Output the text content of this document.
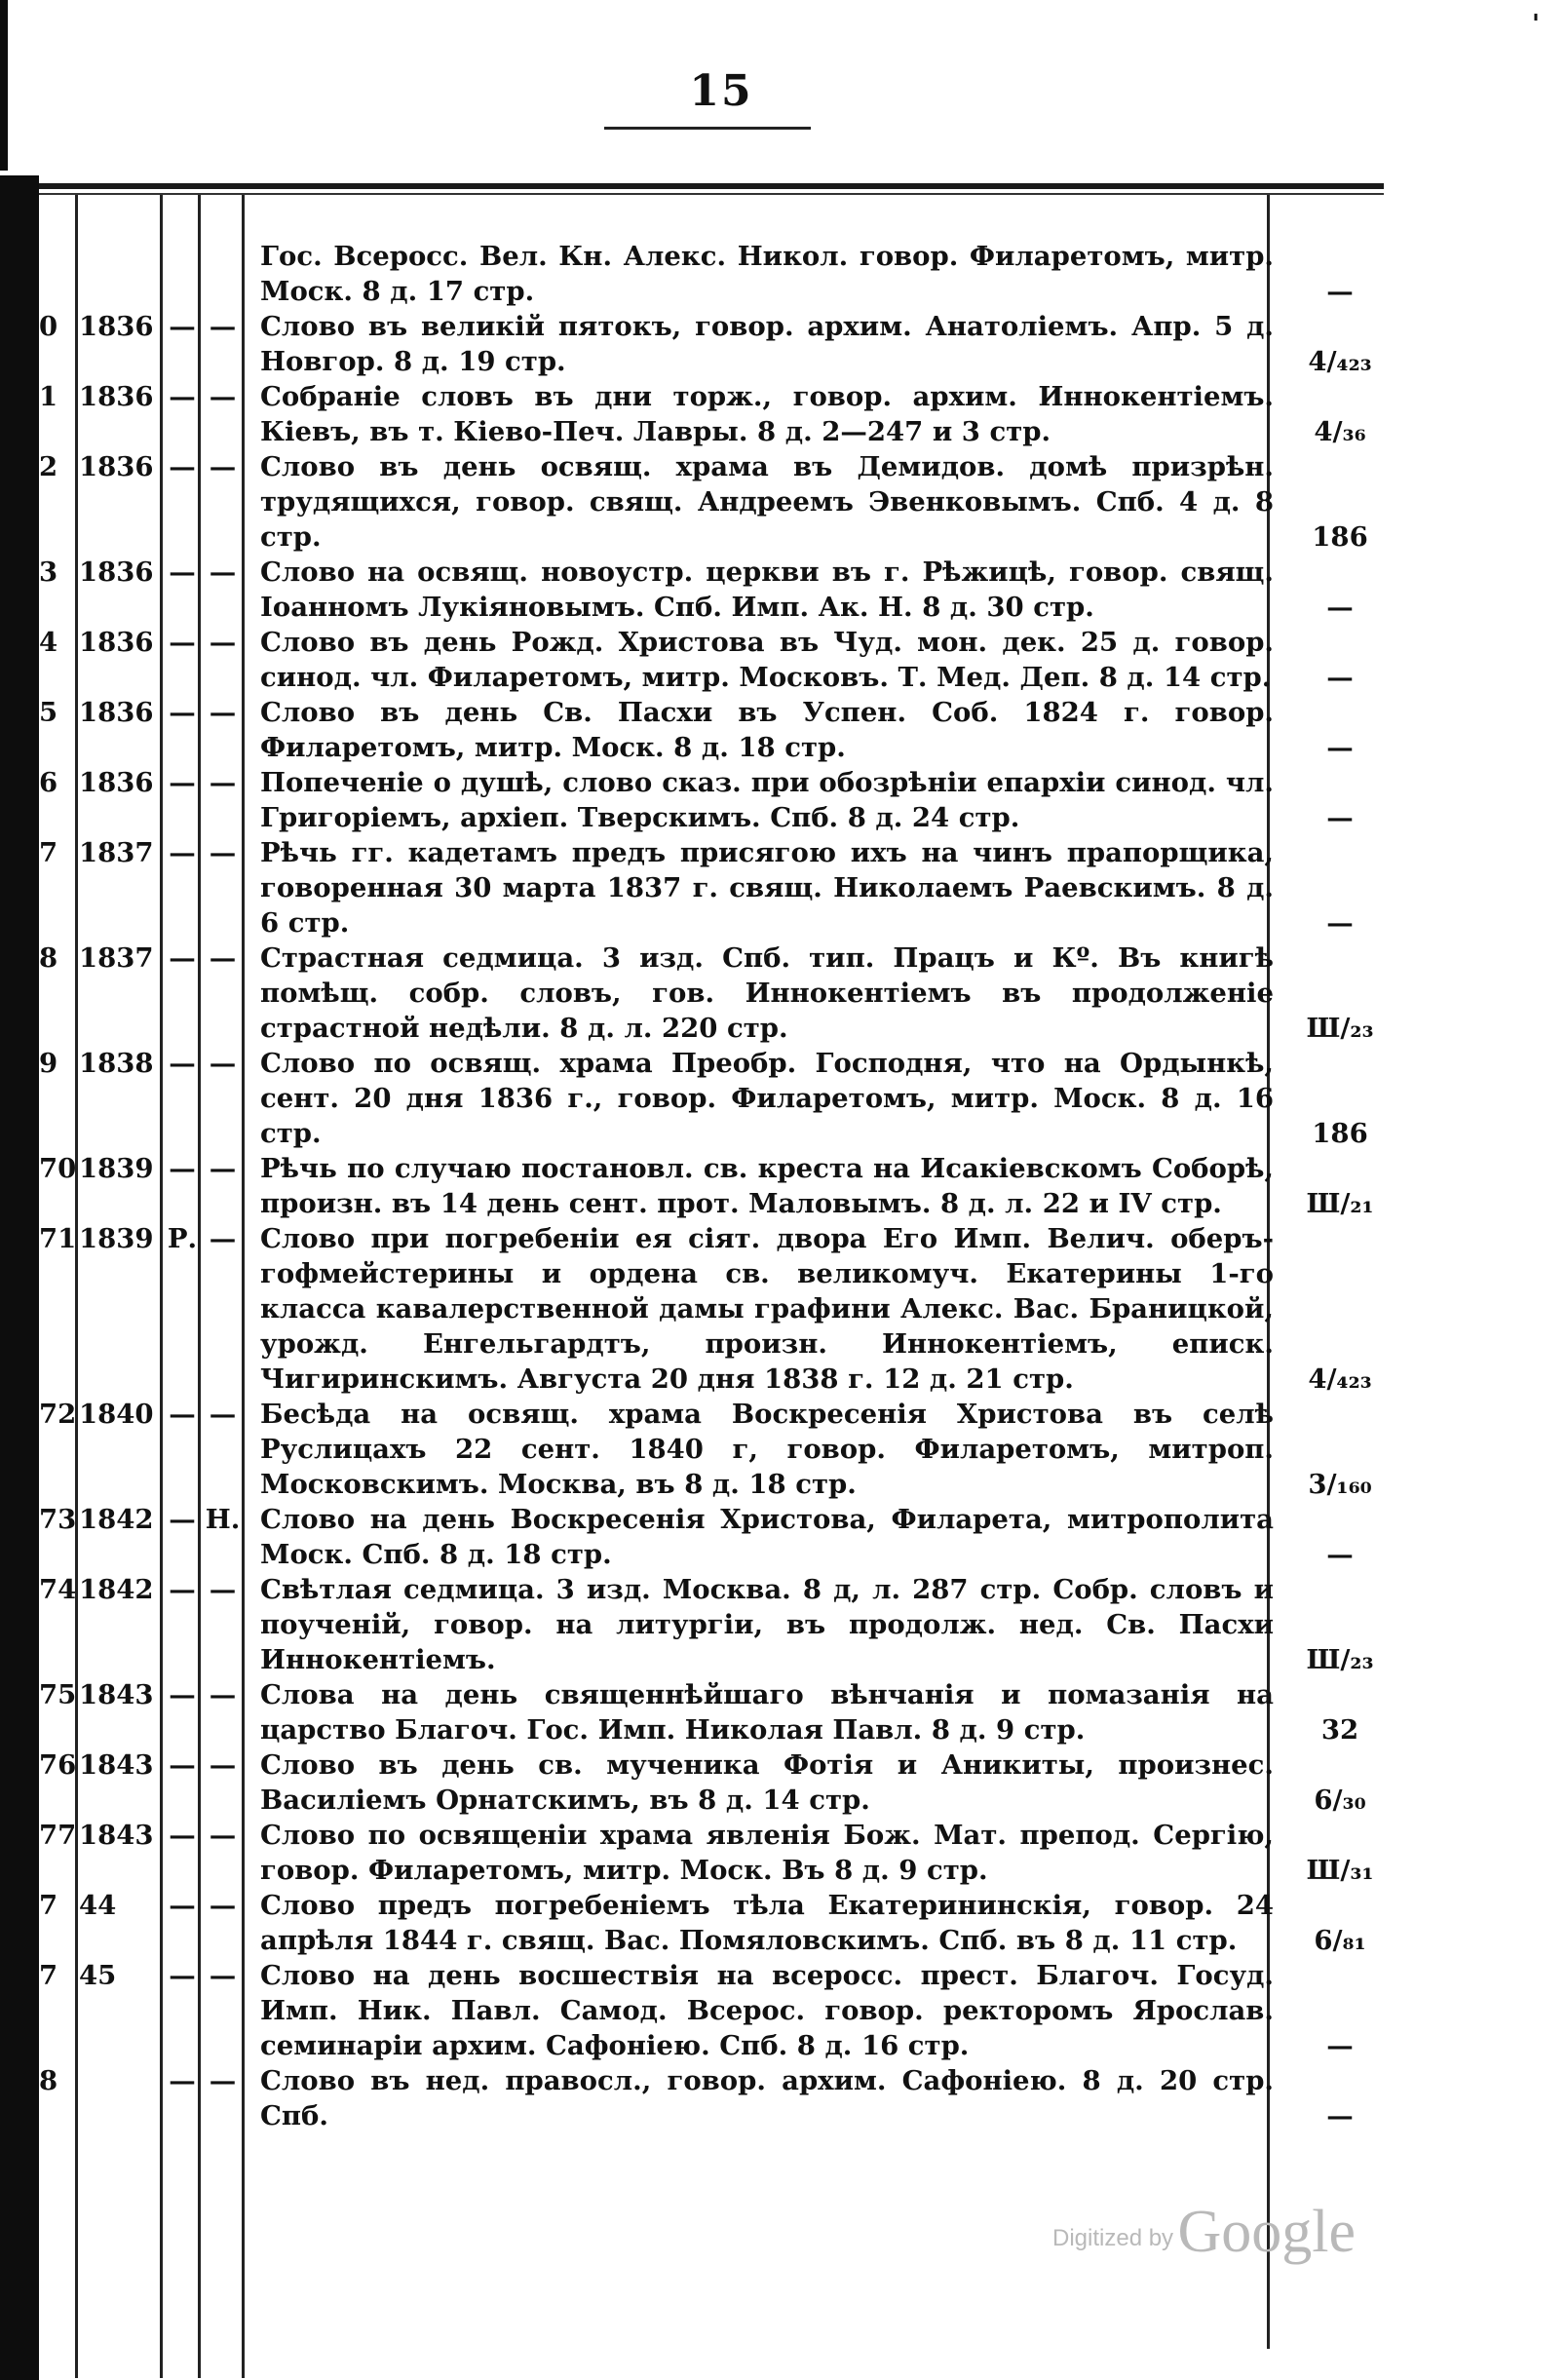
'
15
				Гос. Всеросс. Вел. Кн. Алекс. Никол. говор. Филаретомъ, митр. Моск. 8 д. 17 стр.	—
0	1836	—	—	Слово въ великій пятокъ, говор. архим. Анатоліемъ. Апр. 5 д. Новгор. 8 д. 19 стр.	4/₄₂₃
1	1836	—	—	Собраніе словъ въ дни торж., говор. архим. Иннокентіемъ. Кіевъ, въ т. Кіево-Печ. Лавры. 8 д. 2—247 и 3 стр.	4/₃₆
2	1836	—	—	Слово въ день освящ. храма въ Демидов. домѣ призрѣн. трудящихся, говор. свящ. Андреемъ Эвенковымъ. Спб. 4 д. 8 стр.	186
3	1836	—	—	Слово на освящ. новоустр. церкви въ г. Рѣжицѣ, говор. свящ. Іоанномъ Лукіяновымъ. Спб. Имп. Ак. Н. 8 д. 30 стр.	—
4	1836	—	—	Слово въ день Рожд. Христова въ Чуд. мон. дек. 25 д. говор. синод. чл. Филаретомъ, митр. Московъ. Т. Мед. Деп. 8 д. 14 стр.	—
5	1836	—	—	Слово въ день Св. Пасхи въ Успен. Соб. 1824 г. говор. Филаретомъ, митр. Моск. 8 д. 18 стр.	—
6	1836	—	—	Попеченіе о душѣ, слово сказ. при обозрѣніи епархіи синод. чл. Григоріемъ, архіеп. Тверскимъ. Спб. 8 д. 24 стр.	—
7	1837	—	—	Рѣчь гг. кадетамъ предъ присягою ихъ на чинъ прапорщика, говоренная 30 марта 1837 г. свящ. Николаемъ Раевскимъ. 8 д. 6 стр.	—
8	1837	—	—	Страстная седмица. 3 изд. Спб. тип. Працъ и Кº. Въ книгѣ помѣщ. собр. словъ, гов. Иннокентіемъ въ продолженіе страстной недѣли. 8 д. л. 220 стр.	Ш/₂₃
9	1838	—	—	Слово по освящ. храма Преобр. Господня, что на Ордынкѣ, сент. 20 дня 1836 г., говор. Филаретомъ, митр. Моск. 8 д. 16 стр.	186
70	1839	—	—	Рѣчь по случаю постановл. св. креста на Исакіевскомъ Соборѣ, произн. въ 14 день сент. прот. Маловымъ. 8 д. л. 22 и IV стр.	Ш/₂₁
71	1839	Р.	—	Слово при погребеніи ея сіят. двора Его Имп. Велич. оберъ-гофмейстерины и ордена св. великомуч. Екатерины 1-го класса кавалерственной дамы графини Алекс. Вас. Браницкой, урожд. Енгельгардтъ, произн. Иннокентіемъ, епиcк. Чигиринскимъ. Августа 20 дня 1838 г. 12 д. 21 стр.	4/₄₂₃
72	1840	—	—	Бесѣда на освящ. храма Воскресенія Христова въ селѣ Руслицахъ 22 сент. 1840 г, говор. Филаретомъ, митроп. Московскимъ. Москва, въ 8 д. 18 стр.	3/₁₆₀
73	1842	—	Н.	Слово на день Воскресенія Христова, Филарета, митрополита Моск. Спб. 8 д. 18 стр.	—
74	1842	—	—	Свѣтлая седмица. 3 изд. Москва. 8 д, л. 287 стр. Собр. словъ и поученій, говор. на литургіи, въ продолж. нед. Св. Пасхи Иннокентіемъ.	Ш/₂₃
75	1843	—	—	Слова на день священнѣйшаго вѣнчанія и помазанія на царство Благоч. Гос. Имп. Николая Павл. 8 д. 9 стр.	32
76	1843	—	—	Слово въ день св. мученика Фотія и Аникиты, произнес. Василіемъ Орнатскимъ, въ 8 д. 14 стр.	6/₃₀
77	1843	—	—	Слово по освященіи храма явленія Бож. Мат. препод. Сергію, говор. Филаретомъ, митр. Моск. Въ 8 д. 9 стр.	Ш/₃₁
7	44	—	—	Слово предъ погребеніемъ тѣла Екатерининскія, говор. 24 апрѣля 1844 г. свящ. Вас. Помяловскимъ. Спб. въ 8 д. 11 стр.	6/₈₁
7	45	—	—	Слово на день восшествія на всеросс. прест. Благоч. Госуд. Имп. Ник. Павл. Самод. Всерос. говор. ректоромъ Ярослав. семинаріи архим. Сафоніею. Спб. 8 д. 16 стр.	—
8		—	—	Слово въ нед. правосл., говор. архим. Сафоніею. 8 д. 20 стр. Спб.	—
Digitized by Google
